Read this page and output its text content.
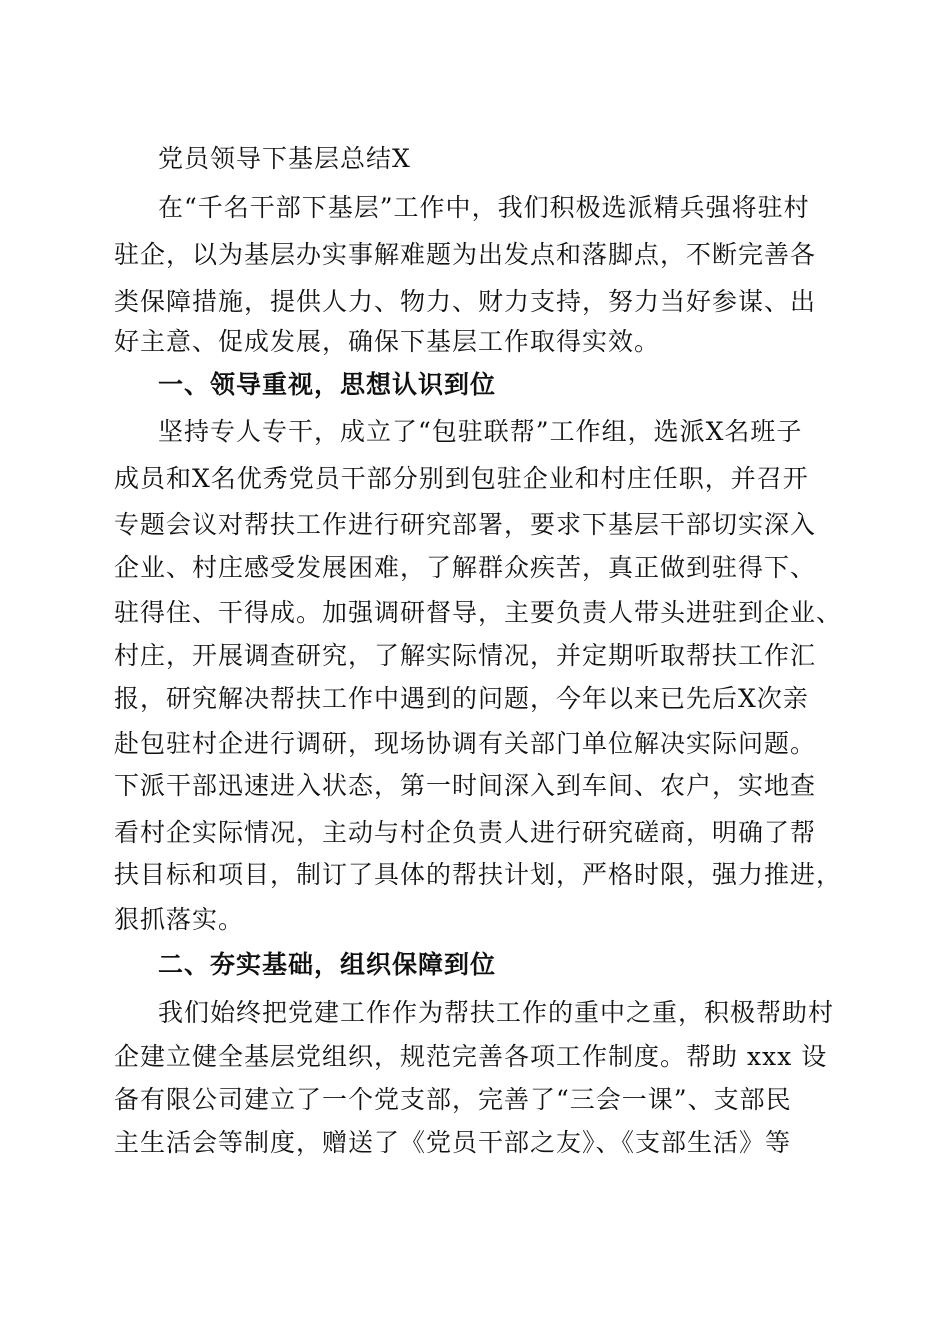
党员领导下基层总结X
在“千名干部下基层”工作中，我们积极选派精兵强将驻村
驻企，以为基层办实事解难题为出发点和落脚点，不断完善各
类保障措施，提供人力、物力、财力支持，努力当好参谋、出
好主意、促成发展，确保下基层工作取得实效。
一、领导重视，思想认识到位
坚持专人专干，成立了“包驻联帮”工作组，选派X名班子
成员和X名优秀党员干部分别到包驻企业和村庄任职，并召开
专题会议对帮扶工作进行研究部署，要求下基层干部切实深入
企业、村庄感受发展困难，了解群众疾苦，真正做到驻得下、
驻得住、干得成。加强调研督导，主要负责人带头进驻到企业、
村庄，开展调查研究，了解实际情况，并定期听取帮扶工作汇
报，研究解决帮扶工作中遇到的问题，今年以来已先后X次亲
赴包驻村企进行调研，现场协调有关部门单位解决实际问题。
下派干部迅速进入状态，第一时间深入到车间、农户，实地查
看村企实际情况，主动与村企负责人进行研究磋商，明确了帮
扶目标和项目，制订了具体的帮扶计划，严格时限，强力推进，
狠抓落实。
二、夯实基础，组织保障到位
我们始终把党建工作作为帮扶工作的重中之重，积极帮助村
企建立健全基层党组织，规范完善各项工作制度。帮助 xxx 设
备有限公司建立了一个党支部，完善了“三会一课”、支部民
主生活会等制度，赠送了《党员干部之友》、《支部生活》等
